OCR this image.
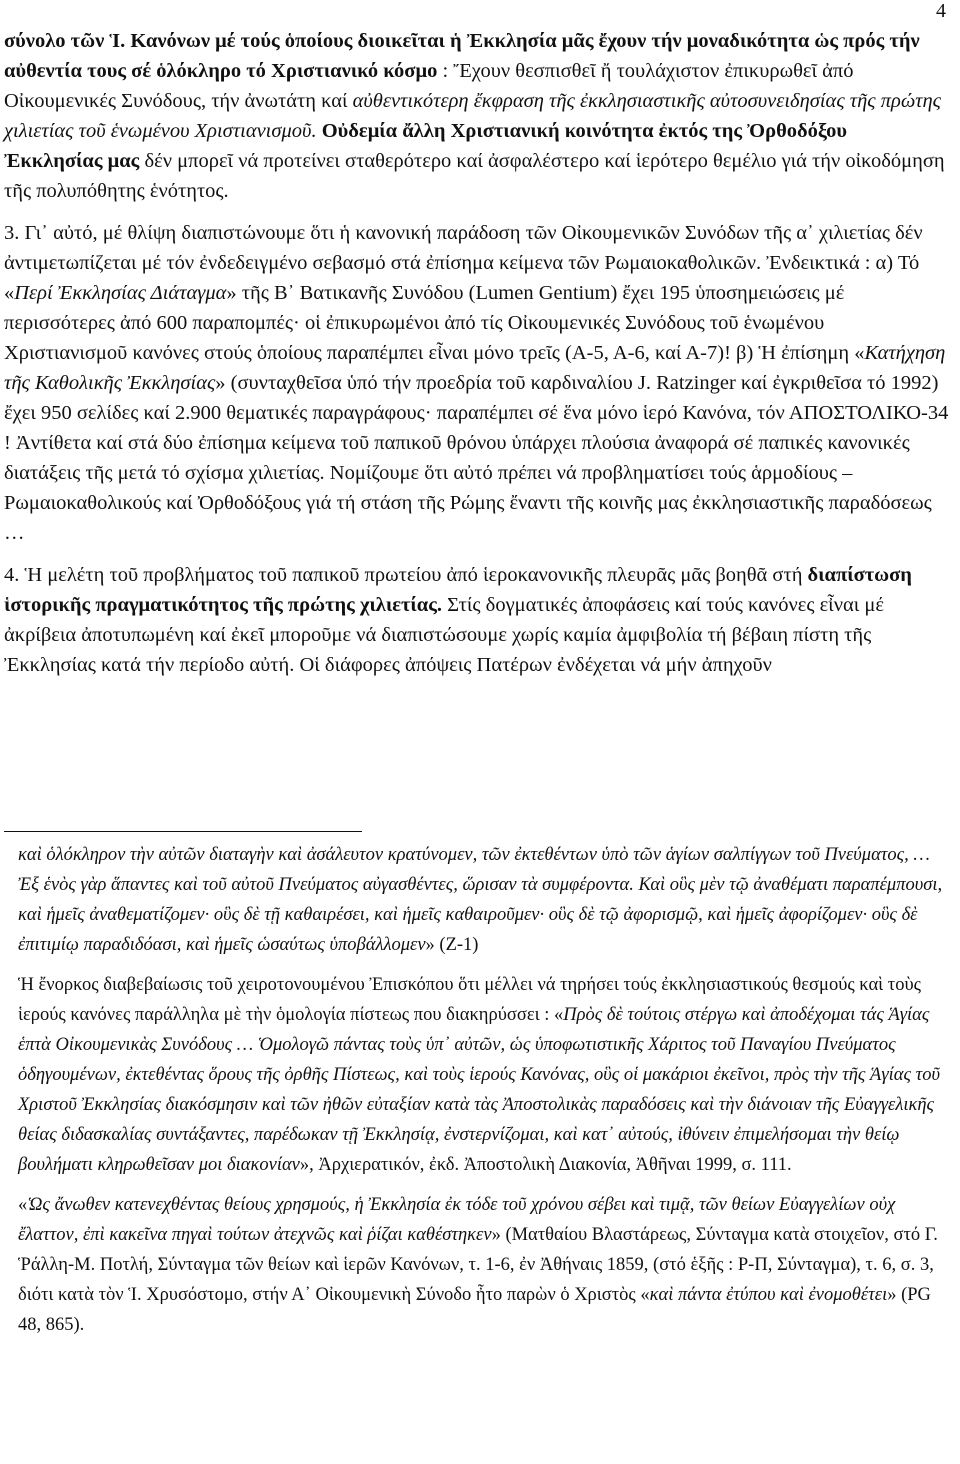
4

σύνολο τῶν Ἱ. Κανόνων μέ τούς ὁποίους διοικεῖται ἡ Ἐκκλησία μᾶς ἔχουν τήν μοναδικότητα ὡς πρός τήν αὐθεντία τους σέ ὁλόκληρο τό Χριστιανικό κόσμο : Ἔχουν θεσπισθεῖ ἤ τουλάχιστον ἐπικυρωθεῖ ἀπό Οἰκουμενικές Συνόδους, τήν ἀνωτάτη καί αὐθεντικότερη ἔκφραση τῆς ἐκκλησιαστικῆς αὐτοσυνειδησίας τῆς πρώτης χιλιετίας τοῦ ἑνωμένου Χριστιανισμοῦ. Οὐδεμία ἄλλη Χριστιανική κοινότητα ἐκτός της Ὀρθοδόξου Ἐκκλησίας μας δέν μπορεῖ νά προτείνει σταθερότερο καί ἀσφαλέστερο καί ἱερότερο θεμέλιο γιά τήν οἰκοδόμηση τῆς πολυπόθητης ἑνότητος.

3. Γι᾿ αὐτό, μέ θλίψη διαπιστώνουμε ὅτι ἡ κανονική παράδοση τῶν Οἰκουμενικῶν Συνόδων τῆς α᾿ χιλιετίας δέν ἀντιμετωπίζεται μέ τόν ἐνδεδειγμένο σεβασμό στά ἐπίσημα κείμενα τῶν Ρωμαιοκαθολικῶν. Ἐνδεικτικά : α) Τό «Περί Ἐκκλησίας Διάταγμα» τῆς Β᾿ Βατικανῆς Συνόδου (Lumen Gentium) ἔχει 195 ὑποσημειώσεις μέ περισσότερες ἀπό 600 παραπομπές· οἱ ἐπικυρωμένοι ἀπό τίς Οἰκουμενικές Συνόδους τοῦ ἑνωμένου Χριστιανισμοῦ κανόνες στούς ὁποίους παραπέμπει εἶναι μόνο τρεῖς (Α-5, Α-6, καί Α-7)! β) Ἡ ἐπίσημη «Κατήχηση τῆς Καθολικῆς Ἐκκλησίας» (συνταχθεῖσα ὑπό τήν προεδρία τοῦ καρδιναλίου J. Ratzinger καί ἐγκριθεῖσα τό 1992) ἔχει 950 σελίδες καί 2.900 θεματικές παραγράφους· παραπέμπει σέ ἕνα μόνο ἱερό Κανόνα, τόν ΑΠΟΣΤΟΛΙΚΟ-34 ! Ἀντίθετα καί στά δύο ἐπίσημα κείμενα τοῦ παπικοῦ θρόνου ὑπάρχει πλούσια ἀναφορά σέ παπικές κανονικές διατάξεις τῆς μετά τό σχίσμα χιλιετίας. Νομίζουμε ὅτι αὐτό πρέπει νά προβληματίσει τούς ἁρμοδίους – Ρωμαιοκαθολικούς καί Ὀρθοδόξους γιά τή στάση τῆς Ρώμης ἔναντι τῆς κοινῆς μας ἐκκλησιαστικῆς παραδόσεως …

4. Ἡ μελέτη τοῦ προβλήματος τοῦ παπικοῦ πρωτείου ἀπό ἱεροκανονικῆς πλευρᾶς μᾶς βοηθᾶ στή διαπίστωση ἱστορικῆς πραγματικότητος τῆς πρώτης χιλιετίας. Στίς δογματικές ἀποφάσεις καί τούς κανόνες εἶναι μέ ἀκρίβεια ἀποτυπωμένη καί ἐκεῖ μποροῦμε νά διαπιστώσουμε χωρίς καμία ἀμφιβολία τή βέβαιη πίστη τῆς Ἐκκλησίας κατά τήν περίοδο αὐτή. Οἱ διάφορες ἀπόψεις Πατέρων ἐνδέχεται νά μήν ἀπηχοῦν

καὶ ὁλόκληρον τὴν αὐτῶν διαταγὴν καὶ ἀσάλευτον κρατύνομεν, τῶν ἐκτεθέντων ὑπὸ τῶν ἁγίων σαλπίγγων τοῦ Πνεύματος, … Ἐξ ἑνὸς γὰρ ἅπαντες καὶ τοῦ αὐτοῦ Πνεύματος αὐγασθέντες, ὥρισαν τὰ συμφέροντα. Καὶ οὓς μὲν τῷ ἀναθέματι παραπέμπουσι, καὶ ἡμεῖς ἀναθεματίζομεν· οὓς δὲ τῇ καθαιρέσει, καὶ ἡμεῖς καθαιροῦμεν· οὓς δὲ τῷ ἀφορισμῷ, καὶ ἡμεῖς ἀφορίζομεν· οὓς δὲ ἐπιτιμίῳ παραδιδόασι, καὶ ἡμεῖς ὡσαύτως ὑποβάλλομεν» (Ζ-1)

Ἡ ἔνορκος διαβεβαίωσις τοῦ χειροτονουμένου Ἐπισκόπου ὅτι μέλλει νά τηρήσει τούς ἐκκλησιαστικούς θεσμούς καὶ τοὺς ἱερούς κανόνες παράλληλα μὲ τὴν ὁμολογία πίστεως που διακηρύσσει : «Πρὸς δὲ τούτοις στέργω καὶ ἀποδέχομαι τάς Ἁγίας ἑπτὰ Οἰκουμενικὰς Συνόδους … Ὁμολογῶ πάντας τοὺς ὑπ᾿ αὐτῶν, ὡς ὑποφωτιστικῆς Χάριτος τοῦ Παναγίου Πνεύματος ὁδηγουμένων, ἐκτεθέντας ὅρους τῆς ὀρθῆς Πίστεως, καὶ τοὺς ἱερούς Κανόνας, οὓς οἱ μακάριοι ἐκεῖνοι, πρὸς τὴν τῆς Ἁγίας τοῦ Χριστοῦ Ἐκκλησίας διακόσμησιν καὶ τῶν ἠθῶν εὐταξίαν κατὰ τὰς Ἀποστολικὰς παραδόσεις καὶ τὴν διάνοιαν τῆς Εὐαγγελικῆς θείας διδασκαλίας συντάξαντες, παρέδωκαν τῇ Ἐκκλησίᾳ, ἐνστερνίζομαι, καὶ κατ᾿ αὐτούς, ἰθύνειν ἐπιμελήσομαι τὴν θείῳ βουλήματι κληρωθεῖσαν μοι διακονίαν», Ἀρχιερατικόν, ἐκδ. Ἀποστολικὴ Διακονία, Ἀθῆναι 1999, σ. 111.

«Ὡς ἄνωθεν κατενεχθέντας θείους χρησμούς, ἡ Ἐκκλησία ἐκ τόδε τοῦ χρόνου σέβει καὶ τιμᾷ, τῶν θείων Εὐαγγελίων οὐχ ἔλαττον, ἐπὶ κακεῖνα πηγαὶ τούτων ἀτεχνῶς καὶ ῥίζαι καθέστηκεν» (Ματθαίου Βλαστάρεως, Σύνταγμα κατὰ στοιχεῖον, στό Γ. Ῥάλλη-Μ. Ποτλή, Σύνταγμα τῶν θείων καὶ ἱερῶν Κανόνων, τ. 1-6, ἐν Ἀθήναις 1859, (στό ἑξῆς : Ρ-Π, Σύνταγμα), τ. 6, σ. 3, διότι κατὰ τὸν Ἱ. Χρυσόστομο, στήν Α᾿ Οἰκουμενικὴ Σύνοδο ἦτο παρὼν ὁ Χριστὸς «καὶ πάντα ἐτύπου καὶ ἐνομοθέτει» (PG 48, 865).
